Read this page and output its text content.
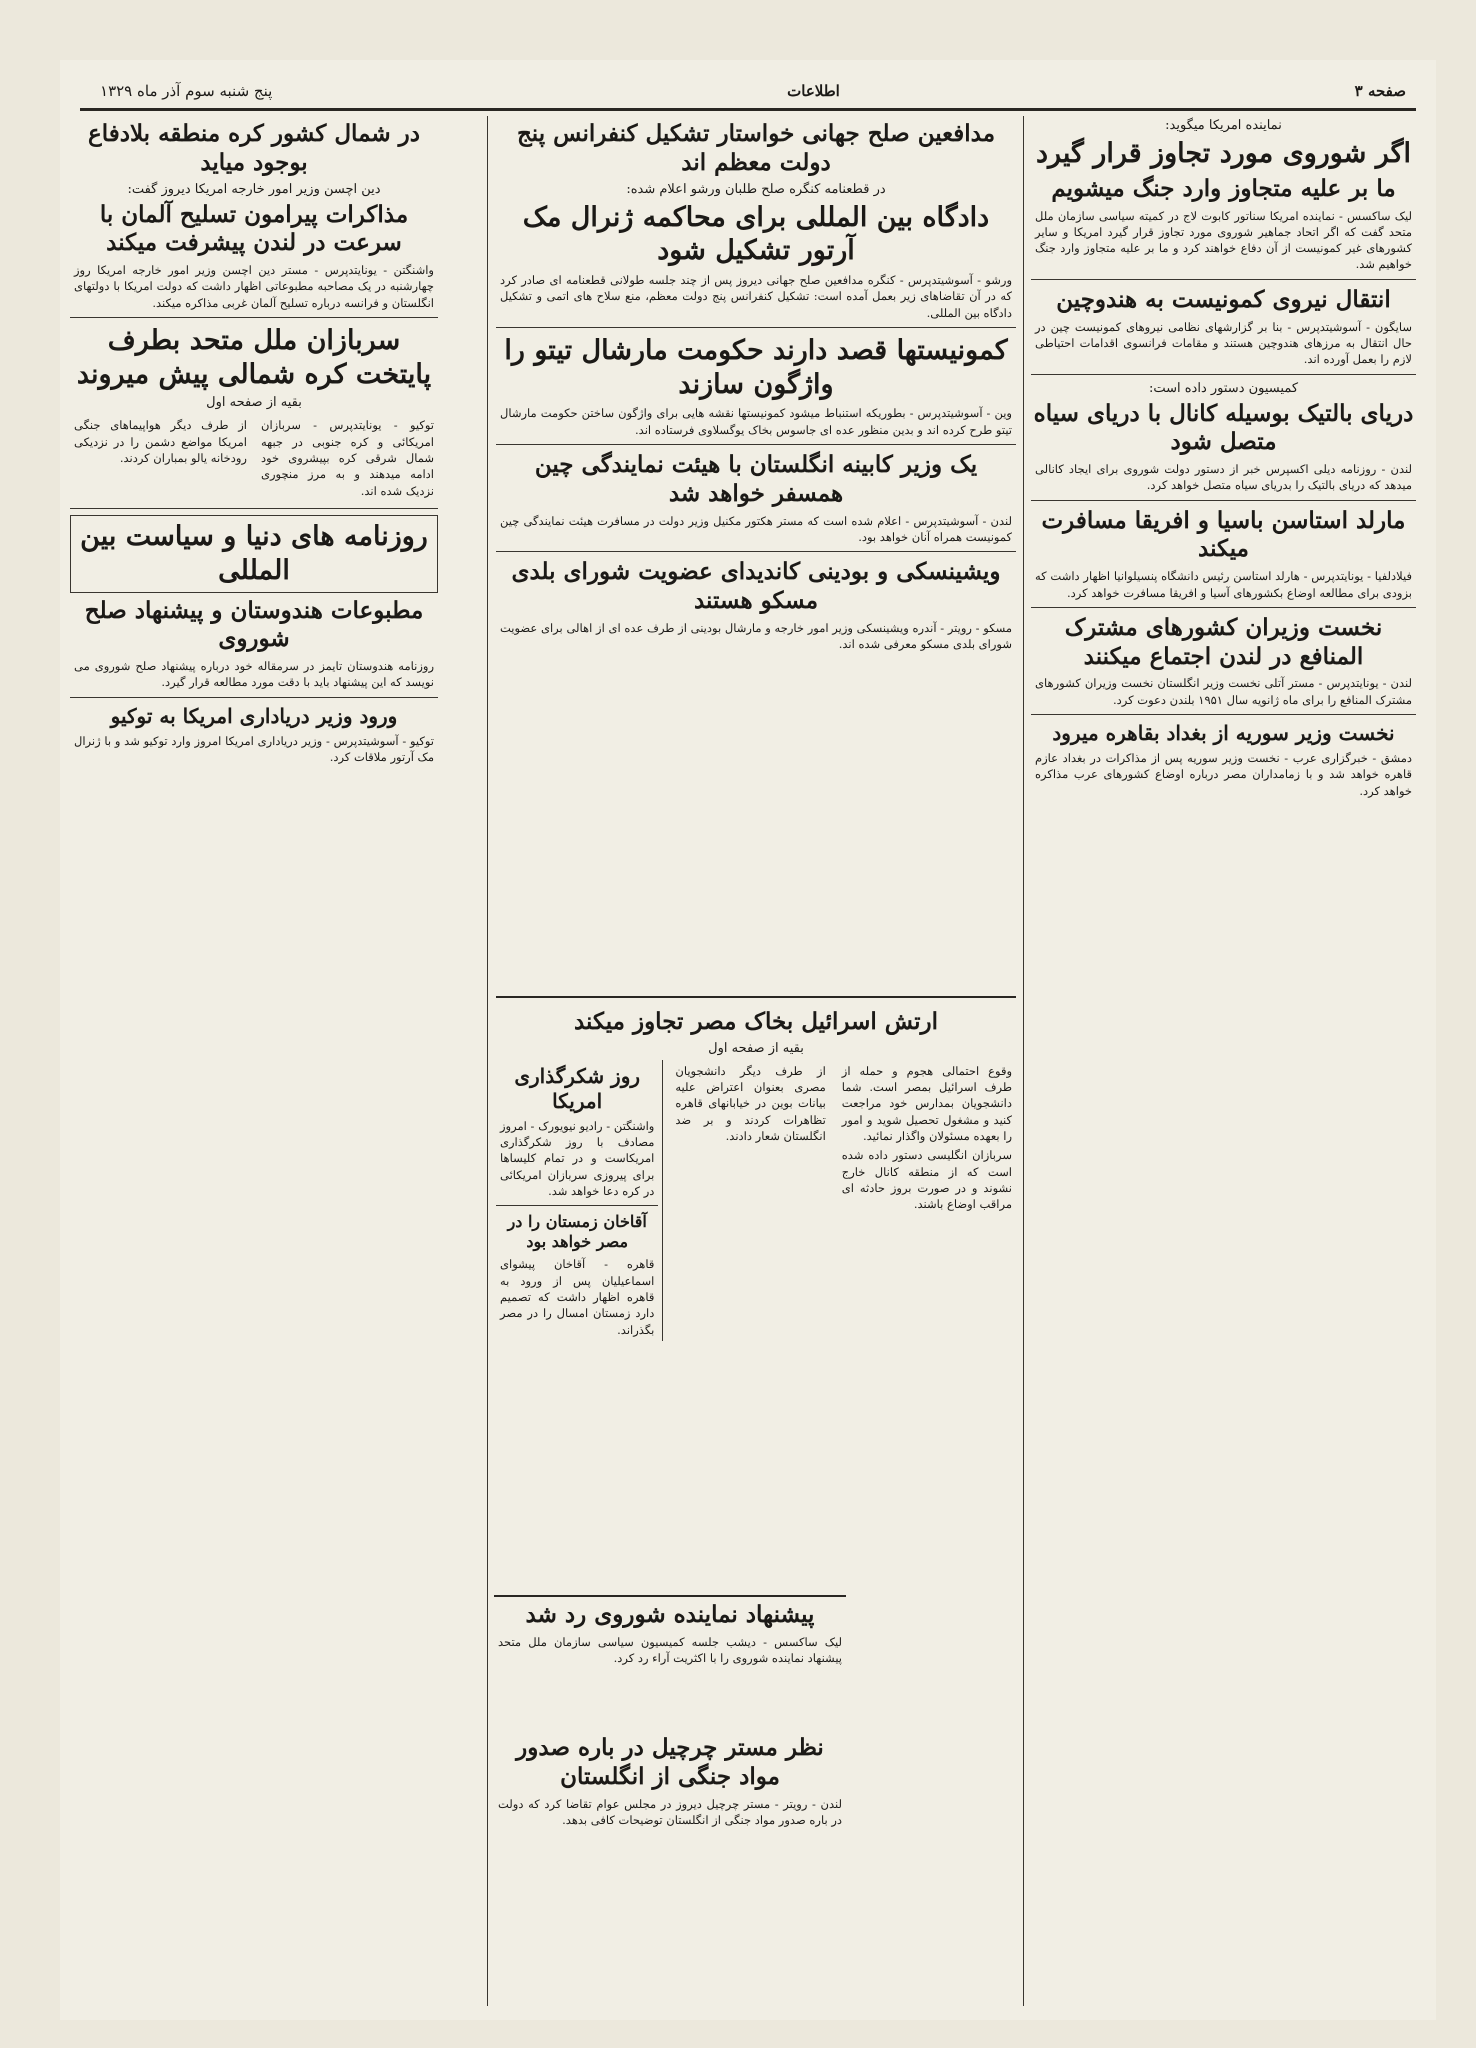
صفحه ۳
اطلاعات
پنج شنبه سوم آذر ماه ۱۳۲۹
نماینده امریکا میگوید:
اگر شوروی مورد تجاوز قرار گیرد
ما بر علیه متجاوز وارد جنگ میشویم

لیک ساکسس - نماینده امریکا سناتور کابوت لاج در کمیته سیاسی سازمان ملل متحد گفت که اگر اتحاد جماهیر شوروی مورد تجاوز قرار گیرد امریکا و سایر کشورهای غیر کمونیست از آن دفاع خواهند کرد و ما بر علیه متجاوز وارد جنگ خواهیم شد.

انتقال نیروی کمونیست به هندوچین

سایگون - آسوشیتدپرس - بنا بر گزارشهای نظامی نیروهای کمونیست چین در حال انتقال به مرزهای هندوچین هستند و مقامات فرانسوی اقدامات احتیاطی لازم را بعمل آورده اند.

کمیسیون دستور داده است:
دریای بالتیک بوسیله کانال با دریای سیاه متصل شود

لندن - روزنامه دیلی اکسپرس خبر از دستور دولت شوروی برای ایجاد کانالی میدهد که دریای بالتیک را بدریای سیاه متصل خواهد کرد.

مارلد استاسن باسیا و افریقا مسافرت میکند

فیلادلفیا - یونایتدپرس - هارلد استاسن رئیس دانشگاه پنسیلوانیا اظهار داشت که بزودی برای مطالعه اوضاع بکشورهای آسیا و افریقا مسافرت خواهد کرد.

نخست وزیران کشورهای مشترک المنافع در لندن اجتماع میکنند

لندن - یونایتدپرس - مستر آتلی نخست وزیر انگلستان نخست وزیران کشورهای مشترک المنافع را برای ماه ژانویه سال ۱۹۵۱ بلندن دعوت کرد.

نخست وزیر سوریه از بغداد بقاهره میرود

دمشق - خبرگزاری عرب - نخست وزیر سوریه پس از مذاکرات در بغداد عازم قاهره خواهد شد و با زمامداران مصر درباره اوضاع کشورهای عرب مذاکره خواهد کرد.

مدافعین صلح جهانی خواستار تشکیل کنفرانس پنج دولت معظم اند
در قطعنامه کنگره صلح طلبان ورشو اعلام شده:
دادگاه بین المللی برای محاکمه ژنرال مک آرتور تشکیل شود

ورشو - آسوشیتدپرس - کنگره مدافعین صلح جهانی دیروز پس از چند جلسه طولانی قطعنامه ای صادر کرد که در آن تقاضاهای زیر بعمل آمده است: تشکیل کنفرانس پنج دولت معظم، منع سلاح های اتمی و تشکیل دادگاه بین المللی.

کمونیستها قصد دارند حکومت مارشال تیتو را واژگون سازند

وین - آسوشیتدپرس - بطوریکه استنباط میشود کمونیستها نقشه هایی برای واژگون ساختن حکومت مارشال تیتو طرح کرده اند و بدین منظور عده ای جاسوس بخاک یوگسلاوی فرستاده اند.

یک وزیر کابینه انگلستان با هیئت نمایندگی چین همسفر خواهد شد

لندن - آسوشیتدپرس - اعلام شده است که مستر هکتور مکنیل وزیر دولت در مسافرت هیئت نمایندگی چین کمونیست همراه آنان خواهد بود.

ویشینسکی و بودینی کاندیدای عضویت شورای بلدی مسکو هستند

مسکو - رویتر - آندره ویشینسکی وزیر امور خارجه و مارشال بودینی از طرف عده ای از اهالی برای عضویت شورای بلدی مسکو معرفی شده اند.

ارتش اسرائیل بخاک مصر تجاوز میکند
بقیه از صفحه اول

وقوع احتمالی هجوم و حمله از طرف اسرائیل بمصر است. شما دانشجویان بمدارس خود مراجعت کنید و مشغول تحصیل شوید و امور را بعهده مسئولان واگذار نمائید.

سربازان انگلیسی دستور داده شده است که از منطقه کانال خارج نشوند و در صورت بروز حادثه ای مراقب اوضاع باشند.

از طرف دیگر دانشجویان مصری بعنوان اعتراض علیه بیانات بوین در خیابانهای قاهره تظاهرات کردند و بر ضد انگلستان شعار دادند.

روز شکرگذاری امریکا

واشنگتن - رادیو نیویورک - امروز مصادف با روز شکرگذاری امریکاست و در تمام کلیساها برای پیروزی سربازان امریکائی در کره دعا خواهد شد.

آقاخان زمستان را در مصر خواهد بود

قاهره - آقاخان پیشوای اسماعیلیان پس از ورود به قاهره اظهار داشت که تصمیم دارد زمستان امسال را در مصر بگذراند.

پیشنهاد نماینده شوروی رد شد

لیک ساکسس - دیشب جلسه کمیسیون سیاسی سازمان ملل متحد پیشنهاد نماینده شوروی را با اکثریت آراء رد کرد.

نظر مستر چرچیل در باره صدور مواد جنگی از انگلستان

لندن - رویتر - مستر چرچیل دیروز در مجلس عوام تقاضا کرد که دولت در باره صدور مواد جنگی از انگلستان توضیحات کافی بدهد.

در شمال کشور کره منطقه بلادفاع بوجود میاید
دین اچسن وزیر امور خارجه امریکا دیروز گفت:
مذاکرات پیرامون تسلیح آلمان با سرعت در لندن پیشرفت میکند

واشنگتن - یونایتدپرس - مستر دین اچسن وزیر امور خارجه امریکا روز چهارشنبه در یک مصاحبه مطبوعاتی اظهار داشت که دولت امریکا با دولتهای انگلستان و فرانسه درباره تسلیح آلمان غربی مذاکره میکند.

سربازان ملل متحد بطرف پایتخت کره شمالی پیش میروند
بقیه از صفحه اول

توکیو - یونایتدپرس - سربازان امریکائی و کره جنوبی در جبهه شمال شرقی کره بپیشروی خود ادامه میدهند و به مرز منچوری نزدیک شده اند.

از طرف دیگر هواپیماهای جنگی امریکا مواضع دشمن را در نزدیکی رودخانه یالو بمباران کردند.

روزنامه های دنیا و سیاست بین المللی
مطبوعات هندوستان و پیشنهاد صلح شوروی

روزنامه هندوستان تایمز در سرمقاله خود درباره پیشنهاد صلح شوروی می نویسد که این پیشنهاد باید با دقت مورد مطالعه قرار گیرد.

ورود وزیر دریاداری امریکا به توکیو

توکیو - آسوشیتدپرس - وزیر دریاداری امریکا امروز وارد توکیو شد و با ژنرال مک آرتور ملاقات کرد.
